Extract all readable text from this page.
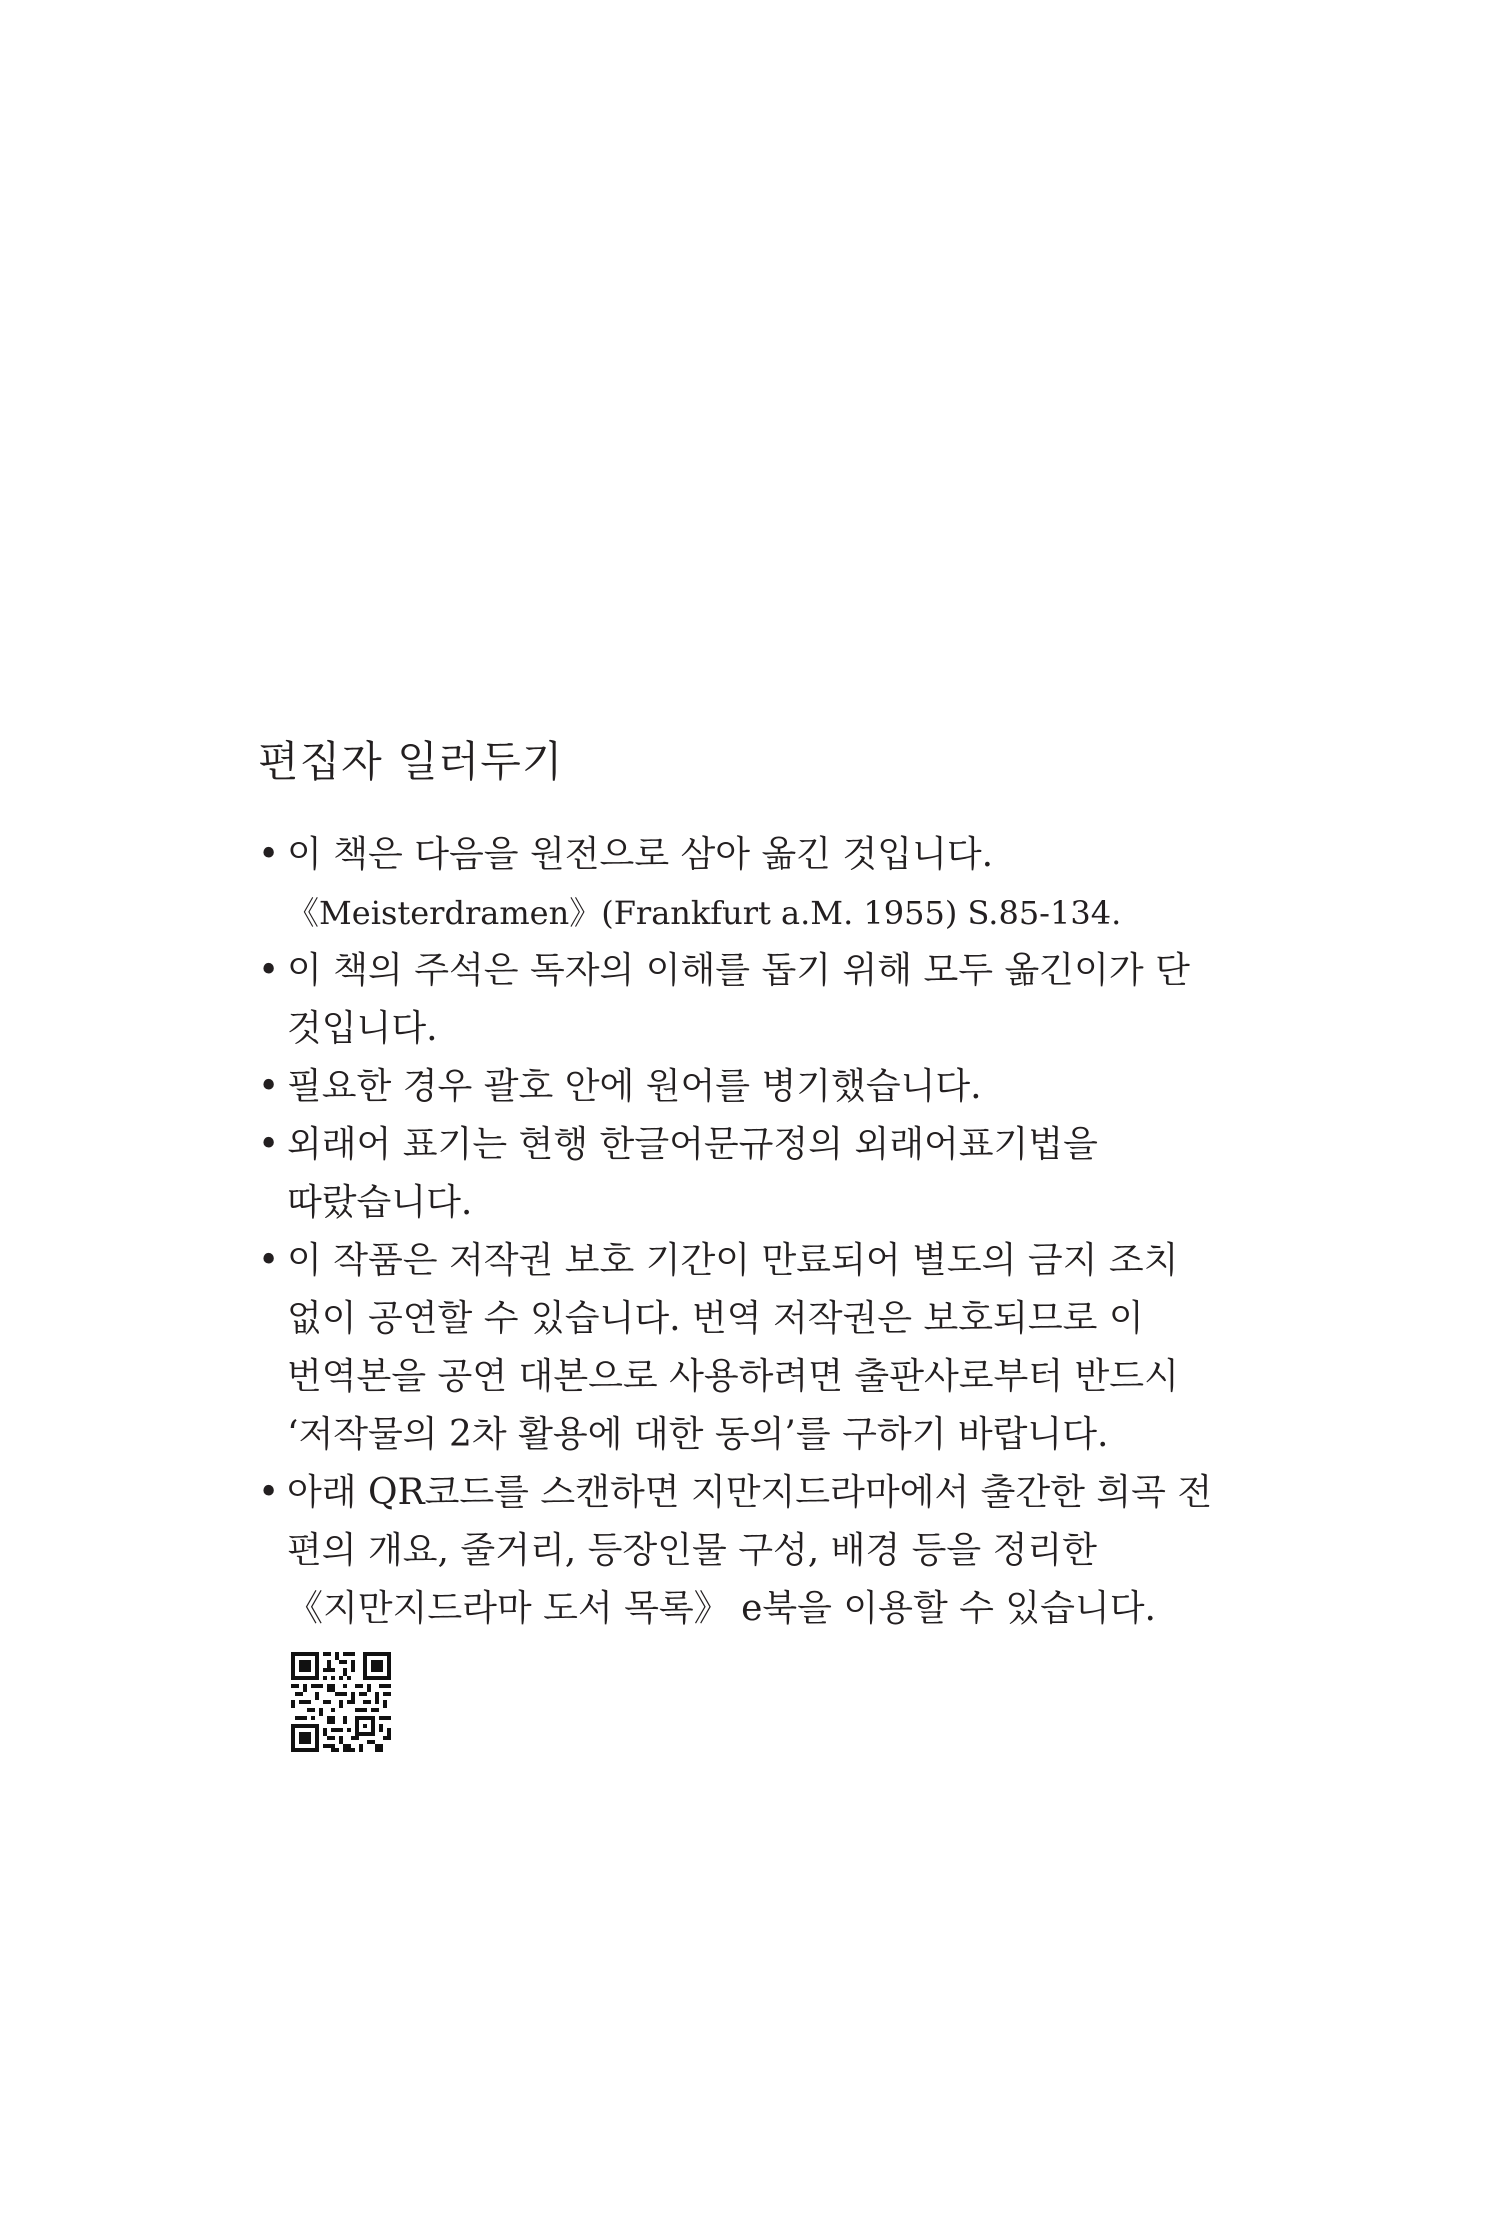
편집자 일러두기
• 이 책은 다음을 원전으로 삼아 옮긴 것입니다.
《Meisterdramen》(Frankfurt a.M. 1955) S.85-134.
• 이 책의 주석은 독자의 이해를 돕기 위해 모두 옮긴이가 단
것입니다.
• 필요한 경우 괄호 안에 원어를 병기했습니다.
• 외래어 표기는 현행 한글어문규정의 외래어표기법을
따랐습니다.
• 이 작품은 저작권 보호 기간이 만료되어 별도의 금지 조치
없이 공연할 수 있습니다. 번역 저작권은 보호되므로 이
번역본을 공연 대본으로 사용하려면 출판사로부터 반드시
‘저작물의 2차 활용에 대한 동의’를 구하기 바랍니다.
• 아래 QR코드를 스캔하면 지만지드라마에서 출간한 희곡 전
편의 개요, 줄거리, 등장인물 구성, 배경 등을 정리한
《지만지드라마 도서 목록》 e북을 이용할 수 있습니다.
